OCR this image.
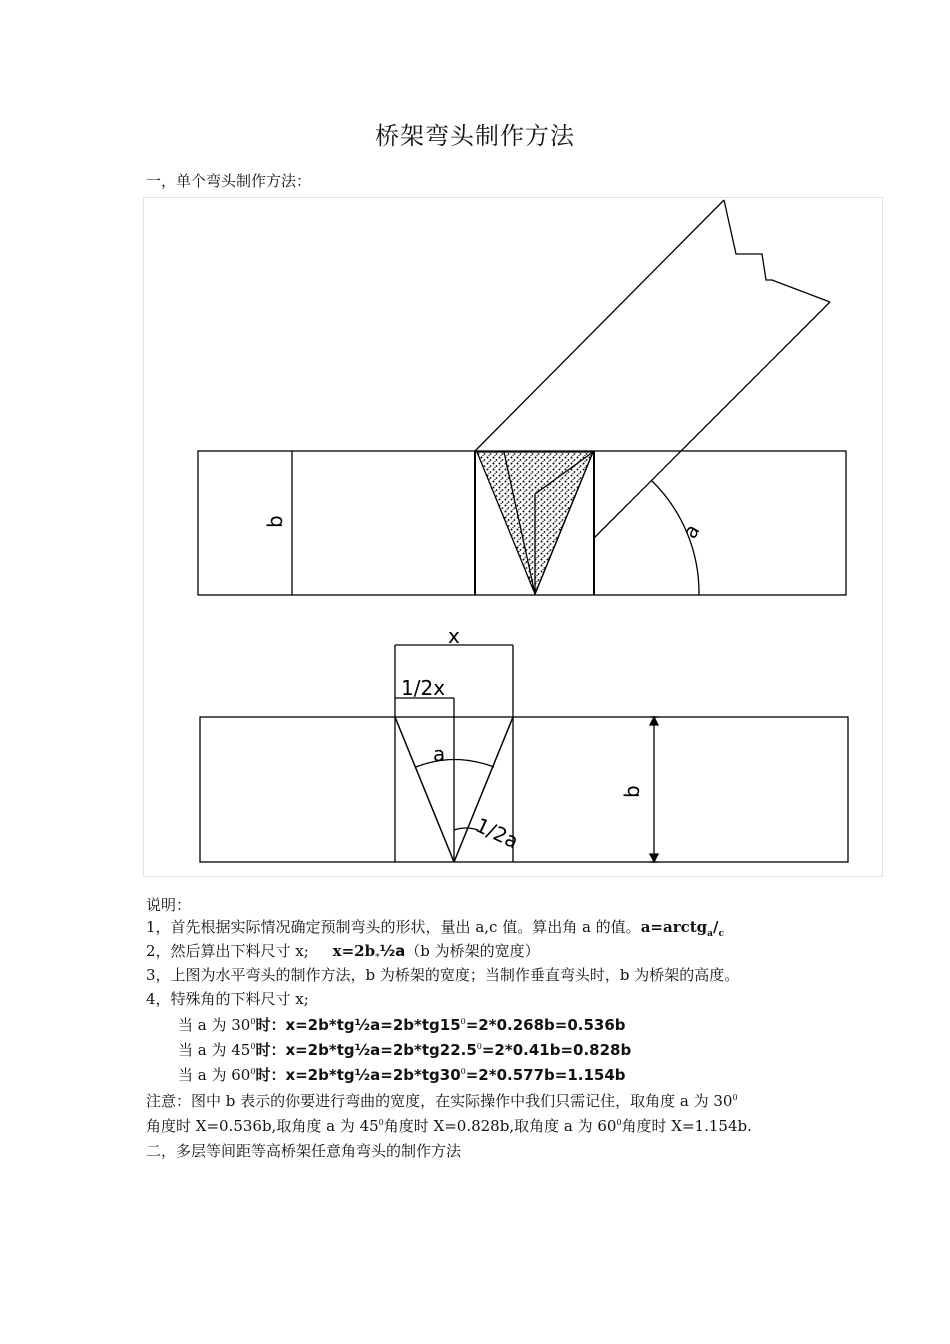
桥架弯头制作方法
一，单个弯头制作方法：
b	a
x
1/2x
a
1/2a
b
说明：
1，首先根据实际情况确定预制弯头的形状，量出 a,c 值。算出角 a 的值。$a=arctg_a/_c$
2，然后算出下料尺寸 x; $x=2b_*\frac{1}{2}a(b$ 为桥架的宽度）
3，上图为水平弯头的制作方法，b 为桥架的宽度；当制作垂直弯头时，b 为桥架的高度。
4，特殊角的下料尺寸 x;
当 a 为 $30^0$时：$x=2b*tg\frac{1}{2}a=2b*tg15^0=2*0.268b=0.536b$
当 a 为 $45^0$时：$x=2b*tg\frac{1}{2}a=2b*tg22.5^0=2*0.41b=0.828b$
当 a 为 $60^0$时：$x=2b*tg\frac{1}{2}a=2b*tg30^0=2*0.577b=1.154b$
注意：图中 b 表示的你要进行弯曲的宽度，在实际操作中我们只需记住，取角度 a 为 $30^0$
角度时 X=0.536b,取角度 a 为 $45^0$角度时 X=0.828b,取角度 a 为 $60^0$角度时 X=1.154b.
二，多层等间距等高桥架任意角弯头的制作方法
